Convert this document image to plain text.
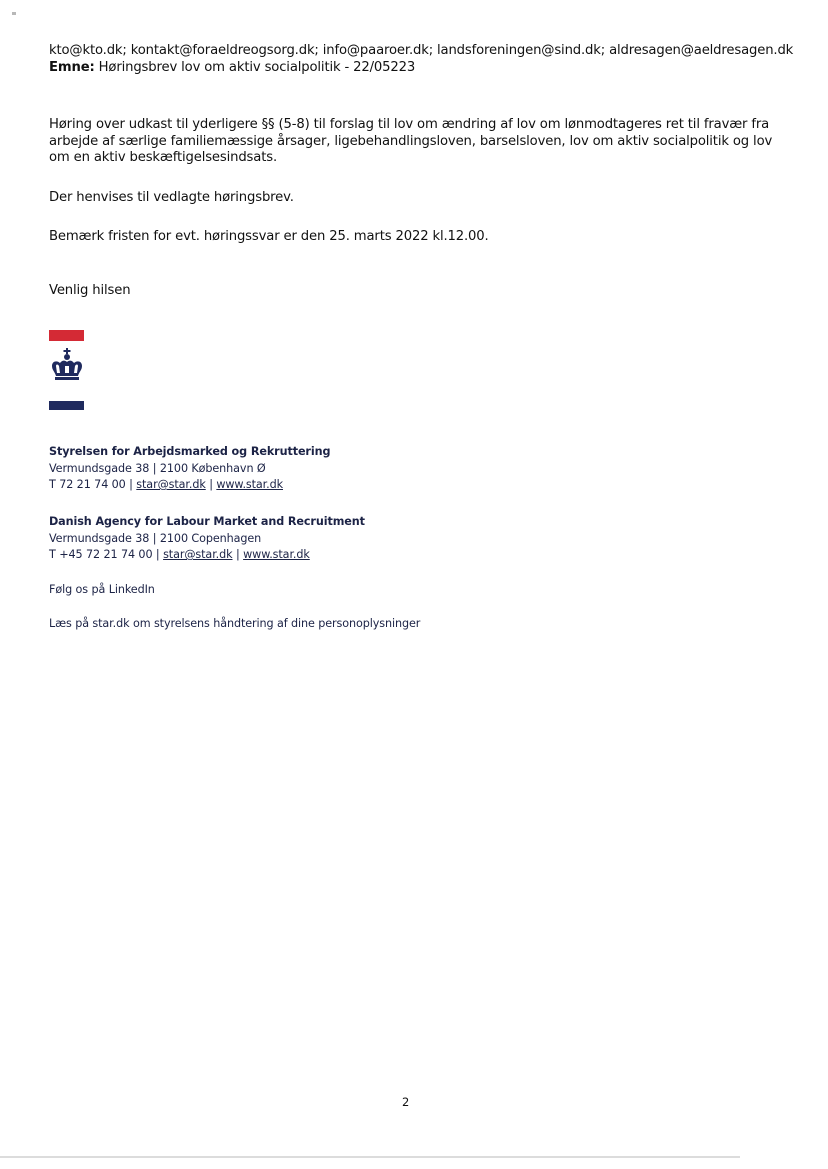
kto@kto.dk; kontakt@foraeldreogsorg.dk; info@paaroer.dk; landsforeningen@sind.dk; aldresagen@aeldresagen.dk
Emne: Høringsbrev lov om aktiv socialpolitik - 22/05223
Høring over udkast til yderligere §§ (5-8) til forslag til lov om ændring af lov om lønmodtageres ret til fravær fra arbejde af særlige familiemæssige årsager, ligebehandlingsloven, barselsloven, lov om aktiv socialpolitik og lov om en aktiv beskæftigelsesindsats.
Der henvises til vedlagte høringsbrev.
Bemærk fristen for evt. høringssvar er den 25. marts 2022 kl.12.00.
Venlig hilsen
Styrelsen for Arbejdsmarked og Rekruttering
Vermundsgade 38 | 2100 København Ø
T 72 21 74 00 | star@star.dk | www.star.dk
Danish Agency for Labour Market and Recruitment
Vermundsgade 38 | 2100 Copenhagen
T +45 72 21 74 00 | star@star.dk | www.star.dk
Følg os på LinkedIn
Læs på star.dk om styrelsens håndtering af dine personoplysninger
2
